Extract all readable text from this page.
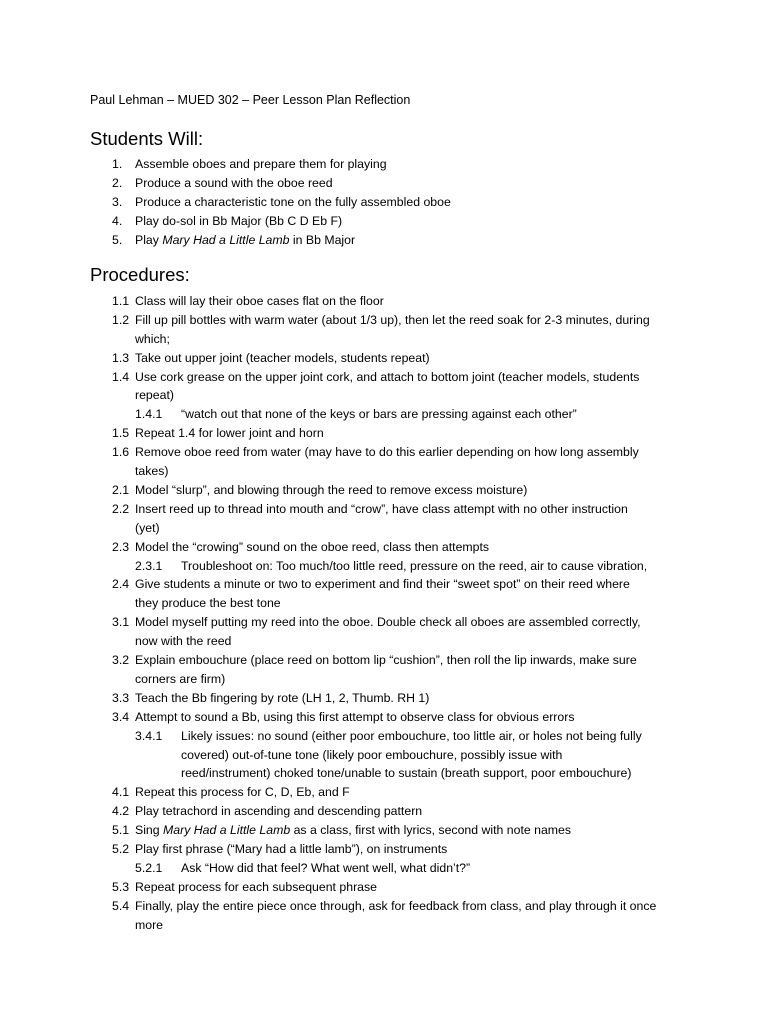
Paul Lehman – MUED 302 – Peer Lesson Plan Reflection
Students Will:
1. Assemble oboes and prepare them for playing
2. Produce a sound with the oboe reed
3. Produce a characteristic tone on the fully assembled oboe
4. Play do-sol in Bb Major (Bb C D Eb F)
5. Play Mary Had a Little Lamb in Bb Major
Procedures:
1.1 Class will lay their oboe cases flat on the floor
1.2 Fill up pill bottles with warm water (about 1/3 up), then let the reed soak for 2-3 minutes, during
which;
1.3 Take out upper joint (teacher models, students repeat)
1.4 Use cork grease on the upper joint cork, and attach to bottom joint (teacher models, students
repeat)
1.4.1 “watch out that none of the keys or bars are pressing against each other”
1.5 Repeat 1.4 for lower joint and horn
1.6 Remove oboe reed from water (may have to do this earlier depending on how long assembly
takes)
2.1 Model “slurp”, and blowing through the reed to remove excess moisture)
2.2 Insert reed up to thread into mouth and “crow”, have class attempt with no other instruction
(yet)
2.3 Model the “crowing” sound on the oboe reed, class then attempts
2.3.1 Troubleshoot on: Too much/too little reed, pressure on the reed, air to cause vibration,
2.4 Give students a minute or two to experiment and find their “sweet spot” on their reed where
they produce the best tone
3.1 Model myself putting my reed into the oboe. Double check all oboes are assembled correctly,
now with the reed
3.2 Explain embouchure (place reed on bottom lip “cushion”, then roll the lip inwards, make sure
corners are firm)
3.3 Teach the Bb fingering by rote (LH 1, 2, Thumb. RH 1)
3.4 Attempt to sound a Bb, using this first attempt to observe class for obvious errors
3.4.1 Likely issues: no sound (either poor embouchure, too little air, or holes not being fully
covered) out-of-tune tone (likely poor embouchure, possibly issue with
reed/instrument) choked tone/unable to sustain (breath support, poor embouchure)
4.1 Repeat this process for C, D, Eb, and F
4.2 Play tetrachord in ascending and descending pattern
5.1 Sing Mary Had a Little Lamb as a class, first with lyrics, second with note names
5.2 Play first phrase (“Mary had a little lamb”), on instruments
5.2.1 Ask “How did that feel? What went well, what didn’t?”
5.3 Repeat process for each subsequent phrase
5.4 Finally, play the entire piece once through, ask for feedback from class, and play through it once
more
